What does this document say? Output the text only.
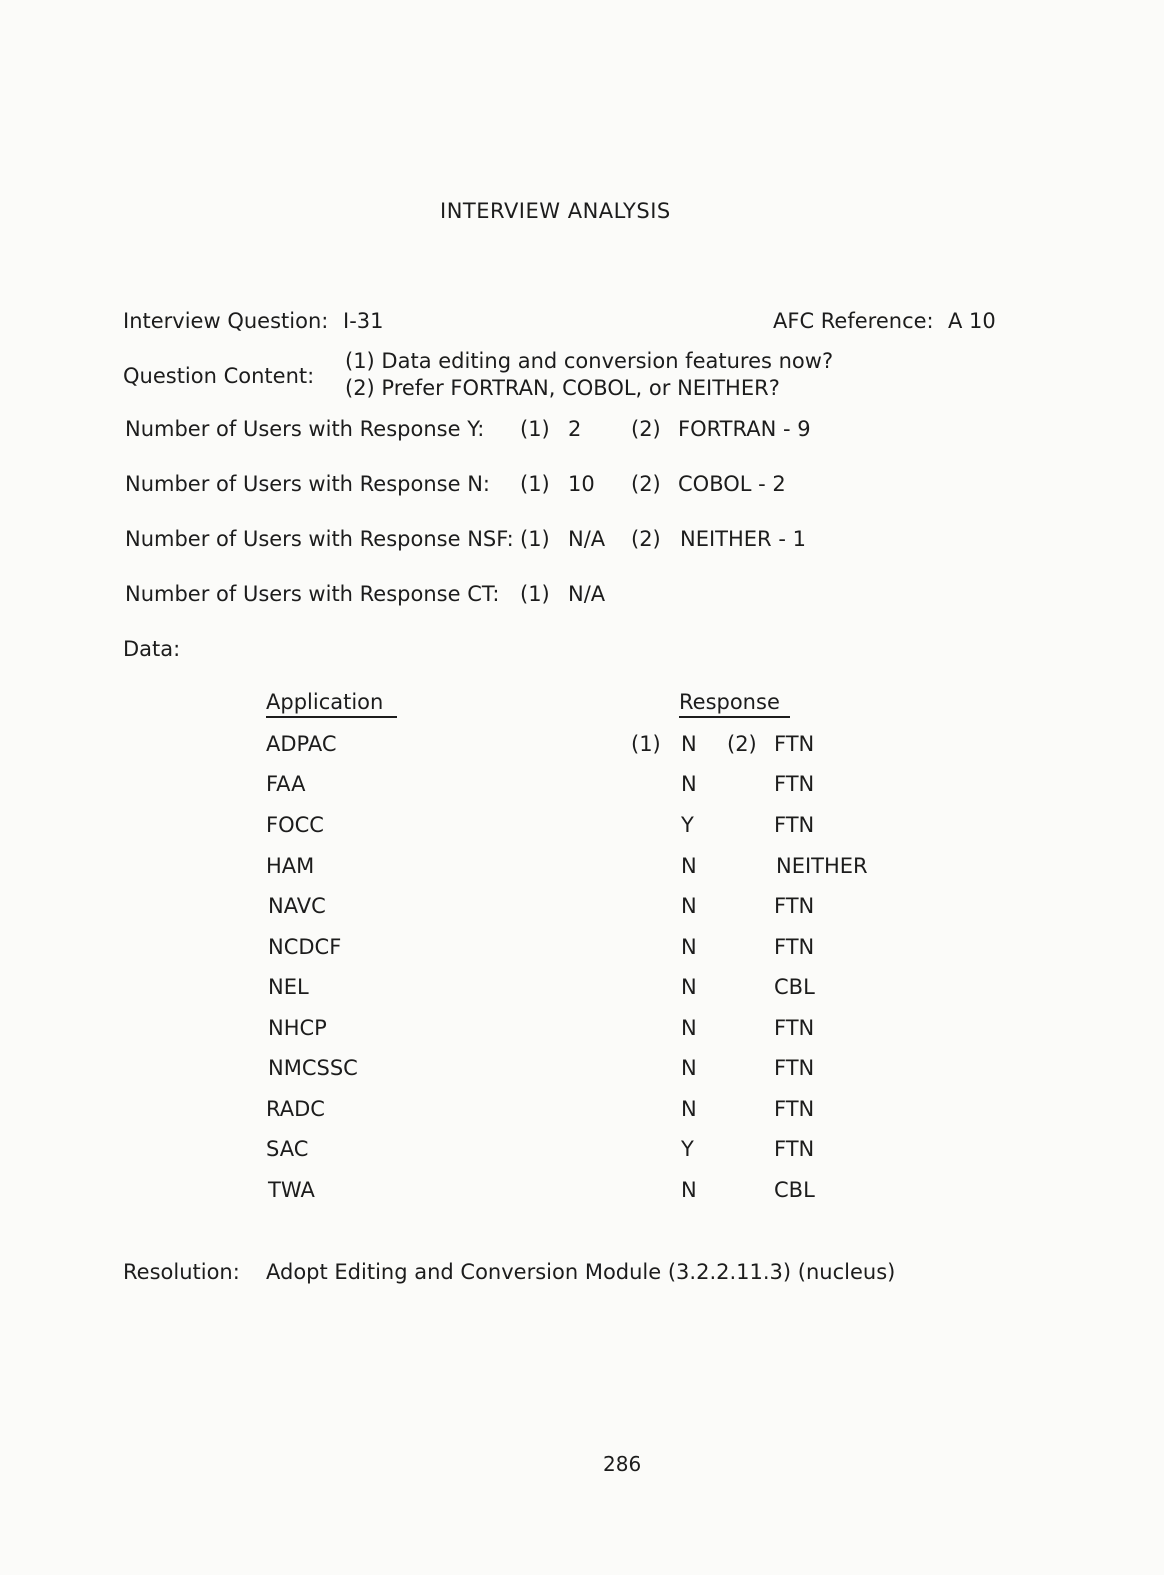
INTERVIEW ANALYSIS
Interview Question: I-31	AFC Reference: A 10
Question Content:
(1) Data editing and conversion features now?
(2) Prefer FORTRAN, COBOL, or NEITHER?
Number of Users with Response Y: (1) 2 (2) FORTRAN - 9
Number of Users with Response N: (1) 10 (2) COBOL - 2
Number of Users with Response NSF: (1) N/A (2) NEITHER - 1
Number of Users with Response CT: (1) N/A
Data:
Application	Response
(1)	(2)
ADPAC	N	FTN
FAA	N	FTN
FOCC	Y	FTN
HAM	N	NEITHER
NAVC	N	FTN
NCDCF	N	FTN
NEL	N	CBL
NHCP	N	FTN
NMCSSC	N	FTN
RADC	N	FTN
SAC	Y	FTN
TWA	N	CBL
Resolution: Adopt Editing and Conversion Module (3.2.2.11.3) (nucleus)
286
